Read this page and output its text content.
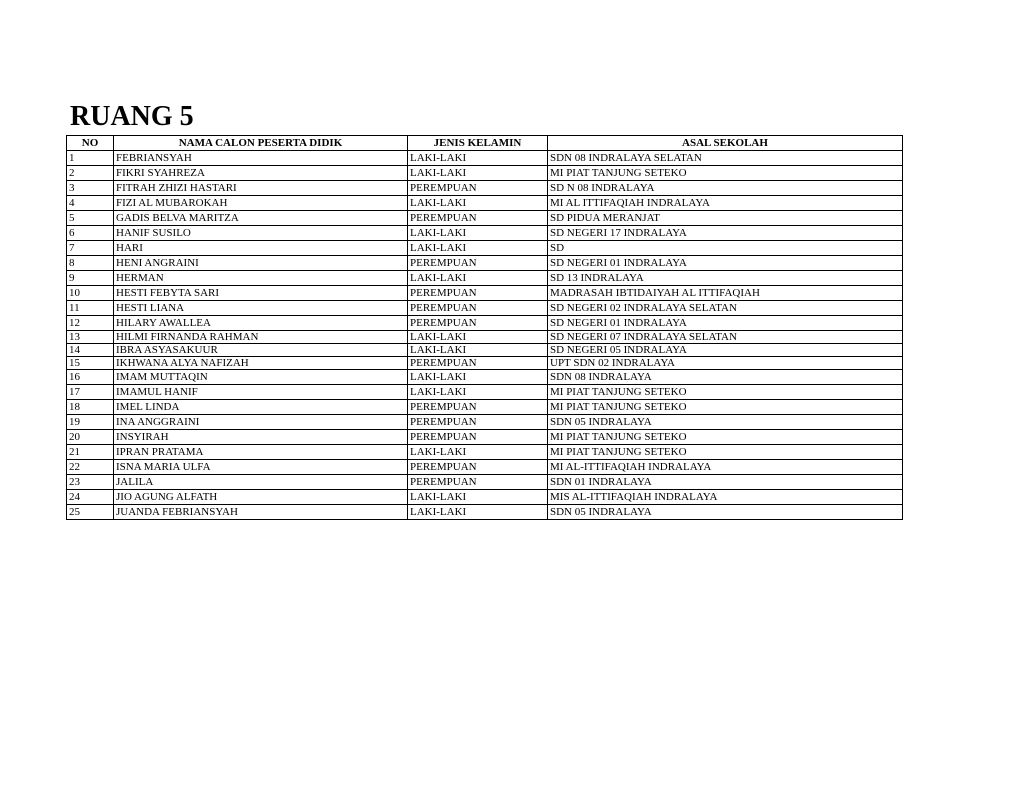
RUANG 5
NO	NAMA CALON PESERTA DIDIK	JENIS KELAMIN	ASAL SEKOLAH
1	FEBRIANSYAH	LAKI-LAKI	SDN 08 INDRALAYA SELATAN
2	FIKRI SYAHREZA	LAKI-LAKI	MI PIAT TANJUNG SETEKO
3	FITRAH ZHIZI HASTARI	PEREMPUAN	SD N 08 INDRALAYA
4	FIZI AL MUBAROKAH	LAKI-LAKI	MI AL ITTIFAQIAH INDRALAYA
5	GADIS BELVA MARITZA	PEREMPUAN	SD PIDUA MERANJAT
6	HANIF SUSILO	LAKI-LAKI	SD NEGERI 17 INDRALAYA
7	HARI	LAKI-LAKI	SD
8	HENI ANGRAINI	PEREMPUAN	SD NEGERI 01 INDRALAYA
9	HERMAN	LAKI-LAKI	SD 13 INDRALAYA
10	HESTI FEBYTA SARI	PEREMPUAN	MADRASAH IBTIDAIYAH AL ITTIFAQIAH
11	HESTI LIANA	PEREMPUAN	SD NEGERI 02 INDRALAYA SELATAN
12	HILARY AWALLEA	PEREMPUAN	SD NEGERI 01 INDRALAYA
13	HILMI FIRNANDA RAHMAN	LAKI-LAKI	SD NEGERI 07 INDRALAYA SELATAN
14	IBRA ASYASAKUUR	LAKI-LAKI	SD NEGERI 05 INDRALAYA
15	IKHWANA ALYA NAFIZAH	PEREMPUAN	UPT SDN 02 INDRALAYA
16	IMAM MUTTAQIN	LAKI-LAKI	SDN 08 INDRALAYA
17	IMAMUL HANIF	LAKI-LAKI	MI PIAT TANJUNG SETEKO
18	IMEL LINDA	PEREMPUAN	MI PIAT TANJUNG SETEKO
19	INA ANGGRAINI	PEREMPUAN	SDN 05 INDRALAYA
20	INSYIRAH	PEREMPUAN	MI PIAT TANJUNG SETEKO
21	IPRAN PRATAMA	LAKI-LAKI	MI PIAT TANJUNG SETEKO
22	ISNA MARIA ULFA	PEREMPUAN	MI AL-ITTIFAQIAH INDRALAYA
23	JALILA	PEREMPUAN	SDN 01 INDRALAYA
24	JIO AGUNG ALFATH	LAKI-LAKI	MIS AL-ITTIFAQIAH INDRALAYA
25	JUANDA FEBRIANSYAH	LAKI-LAKI	SDN 05 INDRALAYA
